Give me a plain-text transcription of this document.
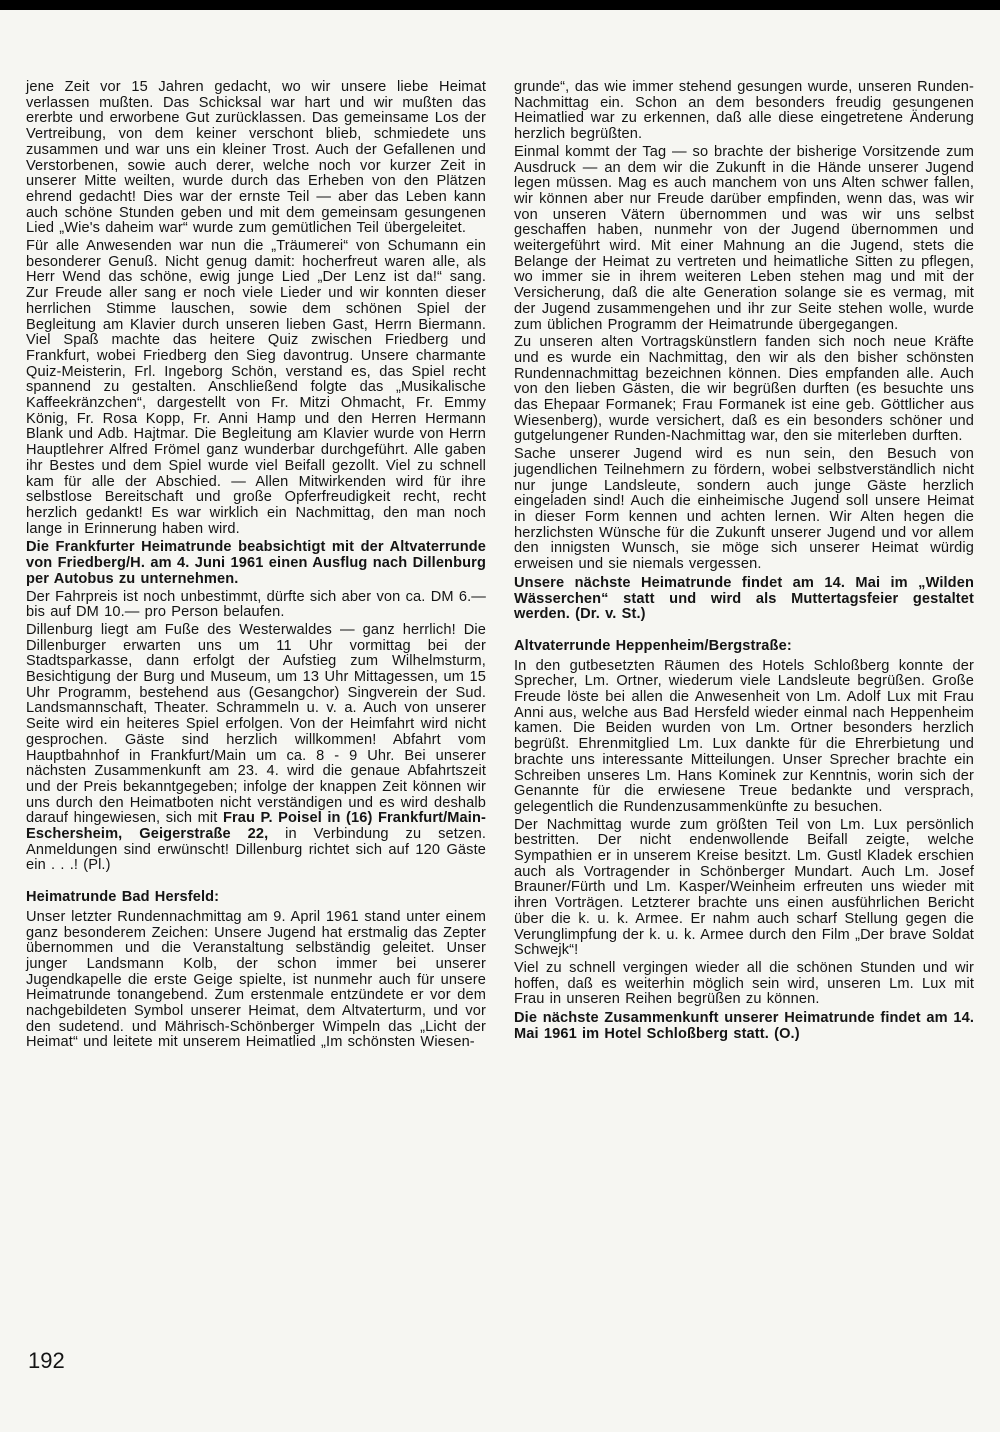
jene Zeit vor 15 Jahren gedacht, wo wir unsere liebe Heimat verlassen mußten. Das Schicksal war hart und wir mußten das ererbte und erworbene Gut zurücklassen. Das gemeinsame Los der Vertreibung, von dem keiner verschont blieb, schmiedete uns zusammen und war uns ein kleiner Trost. Auch der Gefallenen und Verstorbenen, sowie auch derer, welche noch vor kurzer Zeit in unserer Mitte weilten, wurde durch das Erheben von den Plätzen ehrend gedacht! Dies war der ernste Teil — aber das Leben kann auch schöne Stunden geben und mit dem gemeinsam gesungenen Lied „Wie's daheim war“ wurde zum gemütlichen Teil übergeleitet.

Für alle Anwesenden war nun die „Träumerei“ von Schumann ein besonderer Genuß. Nicht genug damit: hocherfreut waren alle, als Herr Wend das schöne, ewig junge Lied „Der Lenz ist da!“ sang. Zur Freude aller sang er noch viele Lieder und wir konnten dieser herrlichen Stimme lauschen, sowie dem schönen Spiel der Begleitung am Klavier durch unseren lieben Gast, Herrn Biermann. Viel Spaß machte das heitere Quiz zwischen Friedberg und Frankfurt, wobei Friedberg den Sieg davontrug. Unsere charmante Quiz-Meisterin, Frl. Ingeborg Schön, verstand es, das Spiel recht spannend zu gestalten. Anschließend folgte das „Musikalische Kaffeekränzchen“, dargestellt von Fr. Mitzi Ohmacht, Fr. Emmy König, Fr. Rosa Kopp, Fr. Anni Hamp und den Herren Hermann Blank und Adb. Hajtmar. Die Begleitung am Klavier wurde von Herrn Hauptlehrer Alfred Frömel ganz wunderbar durchgeführt. Alle gaben ihr Bestes und dem Spiel wurde viel Beifall gezollt. Viel zu schnell kam für alle der Abschied. — Allen Mitwirkenden wird für ihre selbstlose Bereitschaft und große Opferfreudigkeit recht, recht herzlich gedankt! Es war wirklich ein Nachmittag, den man noch lange in Erinnerung haben wird.

Die Frankfurter Heimatrunde beabsichtigt mit der Altvaterrunde von Friedberg/H. am 4. Juni 1961 einen Ausflug nach Dillenburg per Autobus zu unternehmen.

Der Fahrpreis ist noch unbestimmt, dürfte sich aber von ca. DM 6.— bis auf DM 10.— pro Person belaufen.

Dillenburg liegt am Fuße des Westerwaldes — ganz herrlich! Die Dillenburger erwarten uns um 11 Uhr vormittag bei der Stadtsparkasse, dann erfolgt der Aufstieg zum Wilhelmsturm, Besichtigung der Burg und Museum, um 13 Uhr Mittagessen, um 15 Uhr Programm, bestehend aus (Gesangchor) Singverein der Sud. Landsmannschaft, Theater. Schrammeln u. v. a. Auch von unserer Seite wird ein heiteres Spiel erfolgen. Von der Heimfahrt wird nicht gesprochen. Gäste sind herzlich willkommen! Abfahrt vom Hauptbahnhof in Frankfurt/Main um ca. 8 - 9 Uhr. Bei unserer nächsten Zusammenkunft am 23. 4. wird die genaue Abfahrtszeit und der Preis bekanntgegeben; infolge der knappen Zeit können wir uns durch den Heimatboten nicht verständigen und es wird deshalb darauf hingewiesen, sich mit Frau P. Poisel in (16) Frankfurt/Main-Eschersheim, Geigerstraße 22, in Verbindung zu setzen. Anmeldungen sind erwünscht! Dillenburg richtet sich auf 120 Gäste ein . . .! (Pl.)

Heimatrunde Bad Hersfeld:

Unser letzter Rundennachmittag am 9. April 1961 stand unter einem ganz besonderem Zeichen: Unsere Jugend hat erstmalig das Zepter übernommen und die Veranstaltung selbständig geleitet. Unser junger Landsmann Kolb, der schon immer bei unserer Jugendkapelle die erste Geige spielte, ist nunmehr auch für unsere Heimatrunde tonangebend. Zum erstenmale entzündete er vor dem nachgebildeten Symbol unserer Heimat, dem Altvaterturm, und vor den sudetend. und Mährisch-Schönberger Wimpeln das „Licht der Heimat“ und leitete mit unserem Heimatlied „Im schönsten Wiesen-

grunde“, das wie immer stehend gesungen wurde, unseren Runden-Nachmittag ein. Schon an dem besonders freudig gesungenen Heimatlied war zu erkennen, daß alle diese eingetretene Änderung herzlich begrüßten.

Einmal kommt der Tag — so brachte der bisherige Vorsitzende zum Ausdruck — an dem wir die Zukunft in die Hände unserer Jugend legen müssen. Mag es auch manchem von uns Alten schwer fallen, wir können aber nur Freude darüber empfinden, wenn das, was wir von unseren Vätern übernommen und was wir uns selbst geschaffen haben, nunmehr von der Jugend übernommen und weitergeführt wird. Mit einer Mahnung an die Jugend, stets die Belange der Heimat zu vertreten und heimatliche Sitten zu pflegen, wo immer sie in ihrem weiteren Leben stehen mag und mit der Versicherung, daß die alte Generation solange sie es vermag, mit der Jugend zusammengehen und ihr zur Seite stehen wolle, wurde zum üblichen Programm der Heimatrunde übergegangen.

Zu unseren alten Vortragskünstlern fanden sich noch neue Kräfte und es wurde ein Nachmittag, den wir als den bisher schönsten Rundennachmittag bezeichnen können. Dies empfanden alle. Auch von den lieben Gästen, die wir begrüßen durften (es besuchte uns das Ehepaar Formanek; Frau Formanek ist eine geb. Göttlicher aus Wiesenberg), wurde versichert, daß es ein besonders schöner und gutgelungener Runden-Nachmittag war, den sie miterleben durften.

Sache unserer Jugend wird es nun sein, den Besuch von jugendlichen Teilnehmern zu fördern, wobei selbstverständlich nicht nur junge Landsleute, sondern auch junge Gäste herzlich eingeladen sind! Auch die einheimische Jugend soll unsere Heimat in dieser Form kennen und achten lernen. Wir Alten hegen die herzlichsten Wünsche für die Zukunft unserer Jugend und vor allem den innigsten Wunsch, sie möge sich unserer Heimat würdig erweisen und sie niemals vergessen.

Unsere nächste Heimatrunde findet am 14. Mai im „Wilden Wässerchen“ statt und wird als Muttertagsfeier gestaltet werden. (Dr. v. St.)

Altvaterrunde Heppenheim/Bergstraße:

In den gutbesetzten Räumen des Hotels Schloßberg konnte der Sprecher, Lm. Ortner, wiederum viele Landsleute begrüßen. Große Freude löste bei allen die Anwesenheit von Lm. Adolf Lux mit Frau Anni aus, welche aus Bad Hersfeld wieder einmal nach Heppenheim kamen. Die Beiden wurden von Lm. Ortner besonders herzlich begrüßt. Ehrenmitglied Lm. Lux dankte für die Ehrerbietung und brachte uns interessante Mitteilungen. Unser Sprecher brachte ein Schreiben unseres Lm. Hans Kominek zur Kenntnis, worin sich der Genannte für die erwiesene Treue bedankte und versprach, gelegentlich die Rundenzusammenkünfte zu besuchen.

Der Nachmittag wurde zum größten Teil von Lm. Lux persönlich bestritten. Der nicht endenwollende Beifall zeigte, welche Sympathien er in unserem Kreise besitzt. Lm. Gustl Kladek erschien auch als Vortragender in Schönberger Mundart. Auch Lm. Josef Brauner/Fürth und Lm. Kasper/Weinheim erfreuten uns wieder mit ihren Vorträgen. Letzterer brachte uns einen ausführlichen Bericht über die k. u. k. Armee. Er nahm auch scharf Stellung gegen die Verunglimpfung der k. u. k. Armee durch den Film „Der brave Soldat Schwejk“!

Viel zu schnell vergingen wieder all die schönen Stunden und wir hoffen, daß es weiterhin möglich sein wird, unseren Lm. Lux mit Frau in unseren Reihen begrüßen zu können.

Die nächste Zusammenkunft unserer Heimatrunde findet am 14. Mai 1961 im Hotel Schloßberg statt. (O.)

192
